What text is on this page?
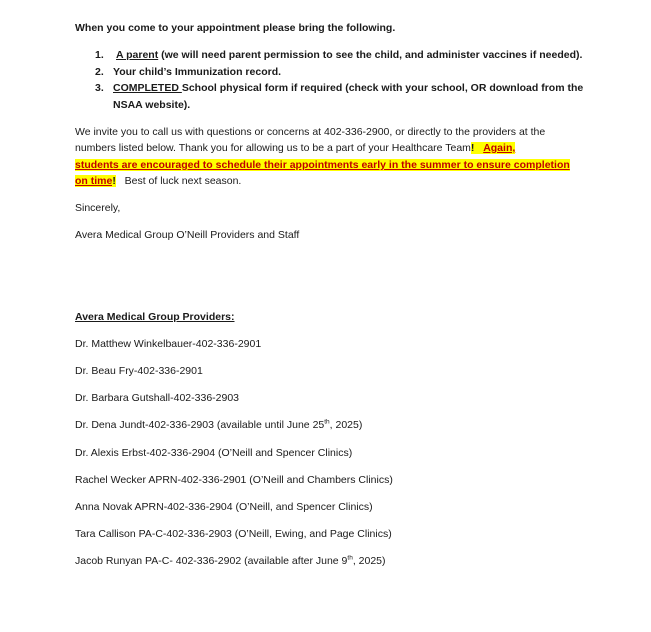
When you come to your appointment please bring the following.
1. A parent (we will need parent permission to see the child, and administer vaccines if needed).
2. Your child’s Immunization record.
3. COMPLETED School physical form if required (check with your school, OR download from the
NSAA website).
We invite you to call us with questions or concerns at 402-336-2900, or directly to the providers at the
numbers listed below. Thank you for allowing us to be a part of your Healthcare Team! Again,
students are encouraged to schedule their appointments early in the summer to ensure completion
on time! Best of luck next season.
Sincerely,
Avera Medical Group O’Neill Providers and Staff
Avera Medical Group Providers:
Dr. Matthew Winkelbauer-402-336-2901
Dr. Beau Fry-402-336-2901
Dr. Barbara Gutshall-402-336-2903
Dr. Dena Jundt-402-336-2903 (available until June 25th, 2025)
Dr. Alexis Erbst-402-336-2904 (O’Neill and Spencer Clinics)
Rachel Wecker APRN-402-336-2901 (O’Neill and Chambers Clinics)
Anna Novak APRN-402-336-2904 (O’Neill, and Spencer Clinics)
Tara Callison PA-C-402-336-2903 (O’Neill, Ewing, and Page Clinics)
Jacob Runyan PA-C- 402-336-2902 (available after June 9th, 2025)
